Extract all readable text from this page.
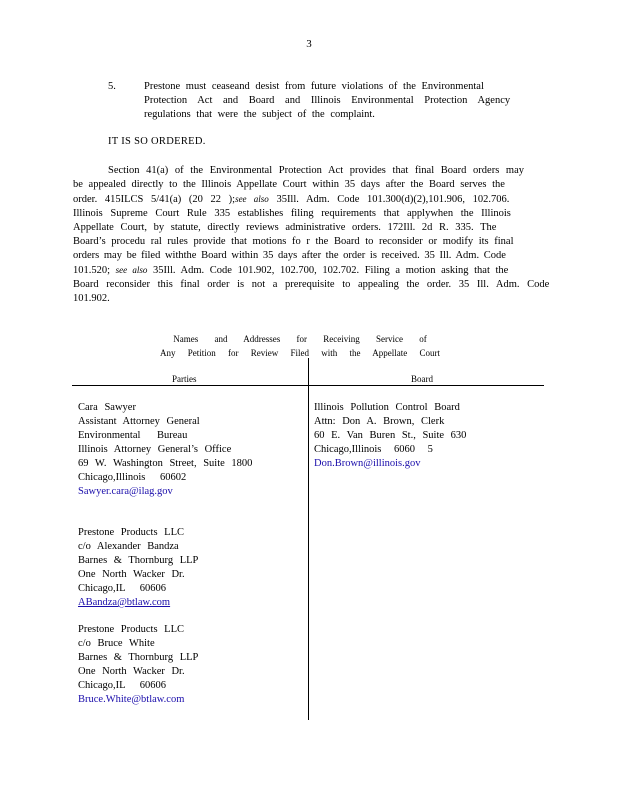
3
5.	Prestone must ceaseand desist from future violations of the Environmental
Protection Act and Board and Illinois Environmental Protection Agency
regulations that were the subject of the complaint.
IT IS SO ORDERED.
Section 41(a) of the Environmental Protection Act provides that final Board orders may
be appealed directly to the Illinois Appellate Court within 35 days after the Board serves the
order. 415ILCS 5/41(a) (20 22 );see also 35Ill. Adm. Code 101.300(d)(2),101.906, 102.706.
Illinois Supreme Court Rule 335 establishes filing requirements that applywhen the Illinois
Appellate Court, by statute, directly reviews administrative orders. 172Ill. 2d R. 335. The
Board’s procedu ral rules provide that motions fo r the Board to reconsider or modify its final
orders may be filed withthe Board within 35 days after the order is received. 35 Ill. Adm. Code
101.520; see also 35Ill. Adm. Code 101.902, 102.700, 102.702. Filing a motion asking that the
Board reconsider this final order is not a prerequisite to appealing the order. 35 Ill. Adm. Code
101.902.
Names and Addresses for Receiving Service of
Any Petition for Review Filed with the Appellate Court
Parties	Board
Cara Sawyer
Assistant Attorney General
Environmental Bureau
Illinois Attorney General’s Office
69 W. Washington Street, Suite 1800
Chicago,Illinois 60602
Sawyer.cara@ilag.gov
Prestone Products LLC
c/o Alexander Bandza
Barnes & Thornburg LLP
One North Wacker Dr.
Chicago,IL 60606
ABandza@btlaw.com
Prestone Products LLC
c/o Bruce White
Barnes & Thornburg LLP
One North Wacker Dr.
Chicago,IL 60606
Bruce.White@btlaw.com
Illinois Pollution Control Board
Attn: Don A. Brown, Clerk
60 E. Van Buren St., Suite 630
Chicago,Illinois 6060 5
Don.Brown@illinois.gov
